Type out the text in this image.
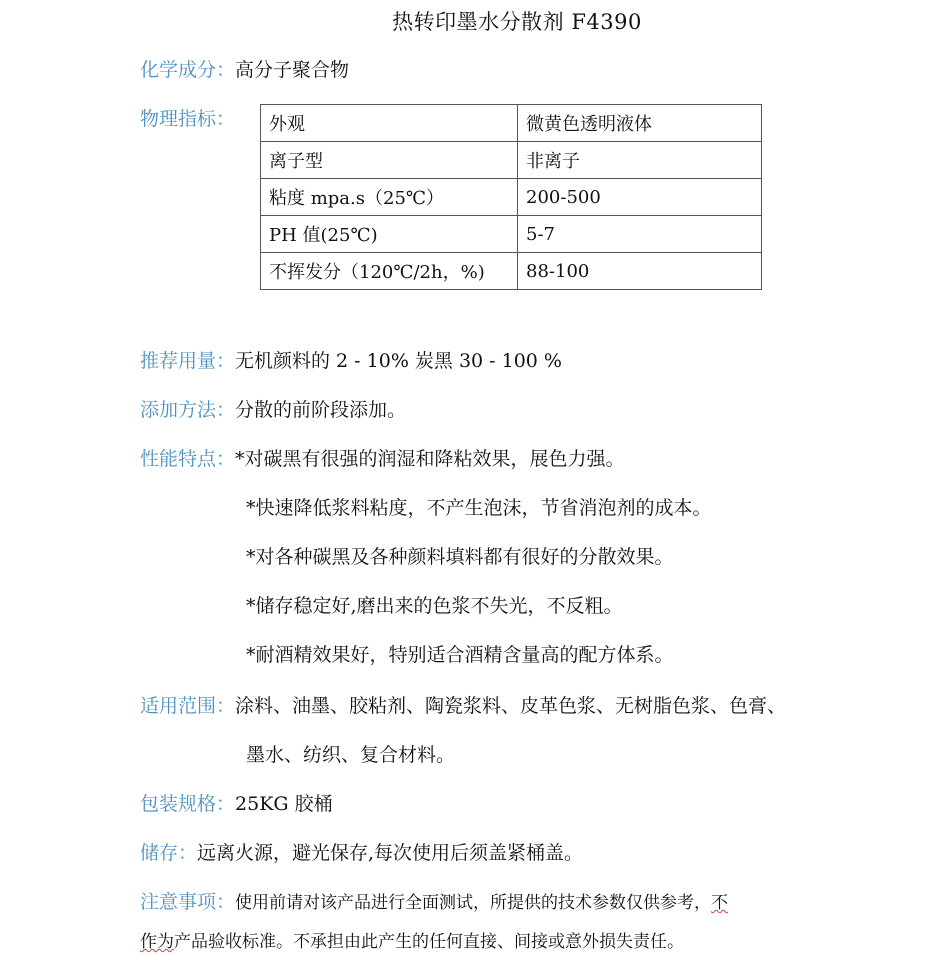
热转印墨水分散剂 F4390
化学成分：高分子聚合物
物理指标： 外观	微黄色透明液体
离子型	非离子
粘度 mpa.s（25℃）	200-500
PH 值(25℃)	5-7
不挥发分（120℃/2h，%)	88-100
推荐用量：无机颜料的 2 - 10% 炭黑 30 - 100 %
添加方法：分散的前阶段添加。
性能特点：*对碳黑有很强的润湿和降粘效果，展色力强。
*快速降低浆料粘度，不产生泡沫，节省消泡剂的成本。
*对各种碳黑及各种颜料填料都有很好的分散效果。
*储存稳定好,磨出来的色浆不失光，不反粗。
*耐酒精效果好，特别适合酒精含量高的配方体系。
适用范围：涂料、油墨、胶粘剂、陶瓷浆料、皮革色浆、无树脂色浆、色膏、
墨水、纺织、复合材料。
包装规格：25KG 胶桶
储存：远离火源，避光保存,每次使用后须盖紧桶盖。
注意事项：使用前请对该产品进行全面测试，所提供的技术参数仅供参考，不
作为产品验收标准。不承担由此产生的任何直接、间接或意外损失责任。
